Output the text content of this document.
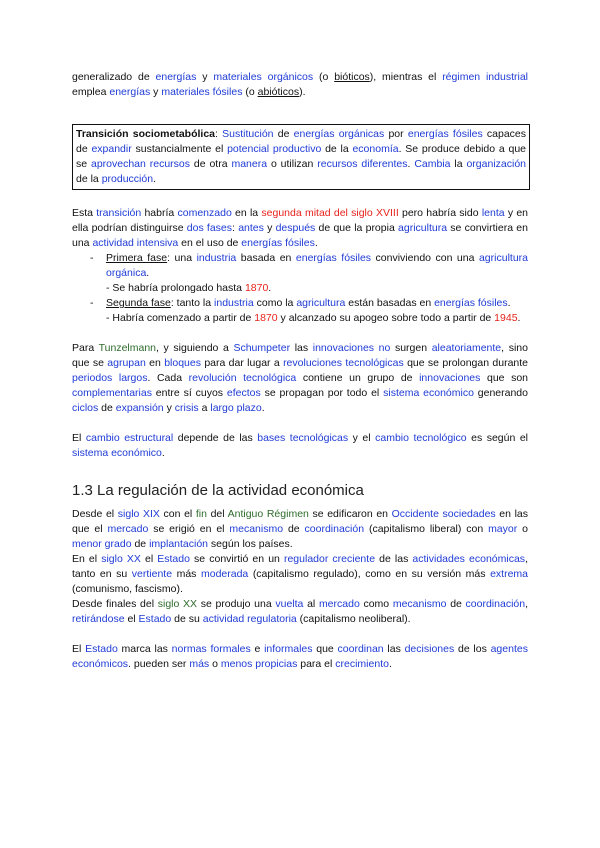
generalizado de energías y materiales orgánicos (o bióticos), mientras el régimen industrial emplea energías y materiales fósiles (o abióticos).

Transición sociometabólica: Sustitución de energías orgánicas por energías fósiles capaces de expandir sustancialmente el potencial productivo de la economía. Se produce debido a que se aprovechan recursos de otra manera o utilizan recursos diferentes. Cambia la organización de la producción.

Esta transición habría comenzado en la segunda mitad del siglo XVIII pero habría sido lenta y en ella podrían distinguirse dos fases: antes y después de que la propia agricultura se convirtiera en una actividad intensiva en el uso de energías fósiles.

- Primera fase: una industria basada en energías fósiles conviviendo con una agricultura orgánica.
- Se habría prolongado hasta 1870.
- Segunda fase: tanto la industria como la agricultura están basadas en energías fósiles.
- Habría comenzado a partir de 1870 y alcanzado su apogeo sobre todo a partir de 1945.

Para Tunzelmann, y siguiendo a Schumpeter las innovaciones no surgen aleatoriamente, sino que se agrupan en bloques para dar lugar a revoluciones tecnológicas que se prolongan durante periodos largos. Cada revolución tecnológica contiene un grupo de innovaciones que son complementarias entre sí cuyos efectos se propagan por todo el sistema económico generando ciclos de expansión y crisis a largo plazo.

El cambio estructural depende de las bases tecnológicas y el cambio tecnológico es según el sistema económico.

1.3 La regulación de la actividad económica

Desde el siglo XIX con el fin del Antiguo Régimen se edificaron en Occidente sociedades en las que el mercado se erigió en el mecanismo de coordinación (capitalismo liberal) con mayor o menor grado de implantación según los países.

En el siglo XX el Estado se convirtió en un regulador creciente de las actividades económicas, tanto en su vertiente más moderada (capitalismo regulado), como en su versión más extrema (comunismo, fascismo).

Desde finales del siglo XX se produjo una vuelta al mercado como mecanismo de coordinación, retirándose el Estado de su actividad regulatoria (capitalismo neoliberal).

El Estado marca las normas formales e informales que coordinan las decisiones de los agentes económicos. pueden ser más o menos propicias para el crecimiento.
